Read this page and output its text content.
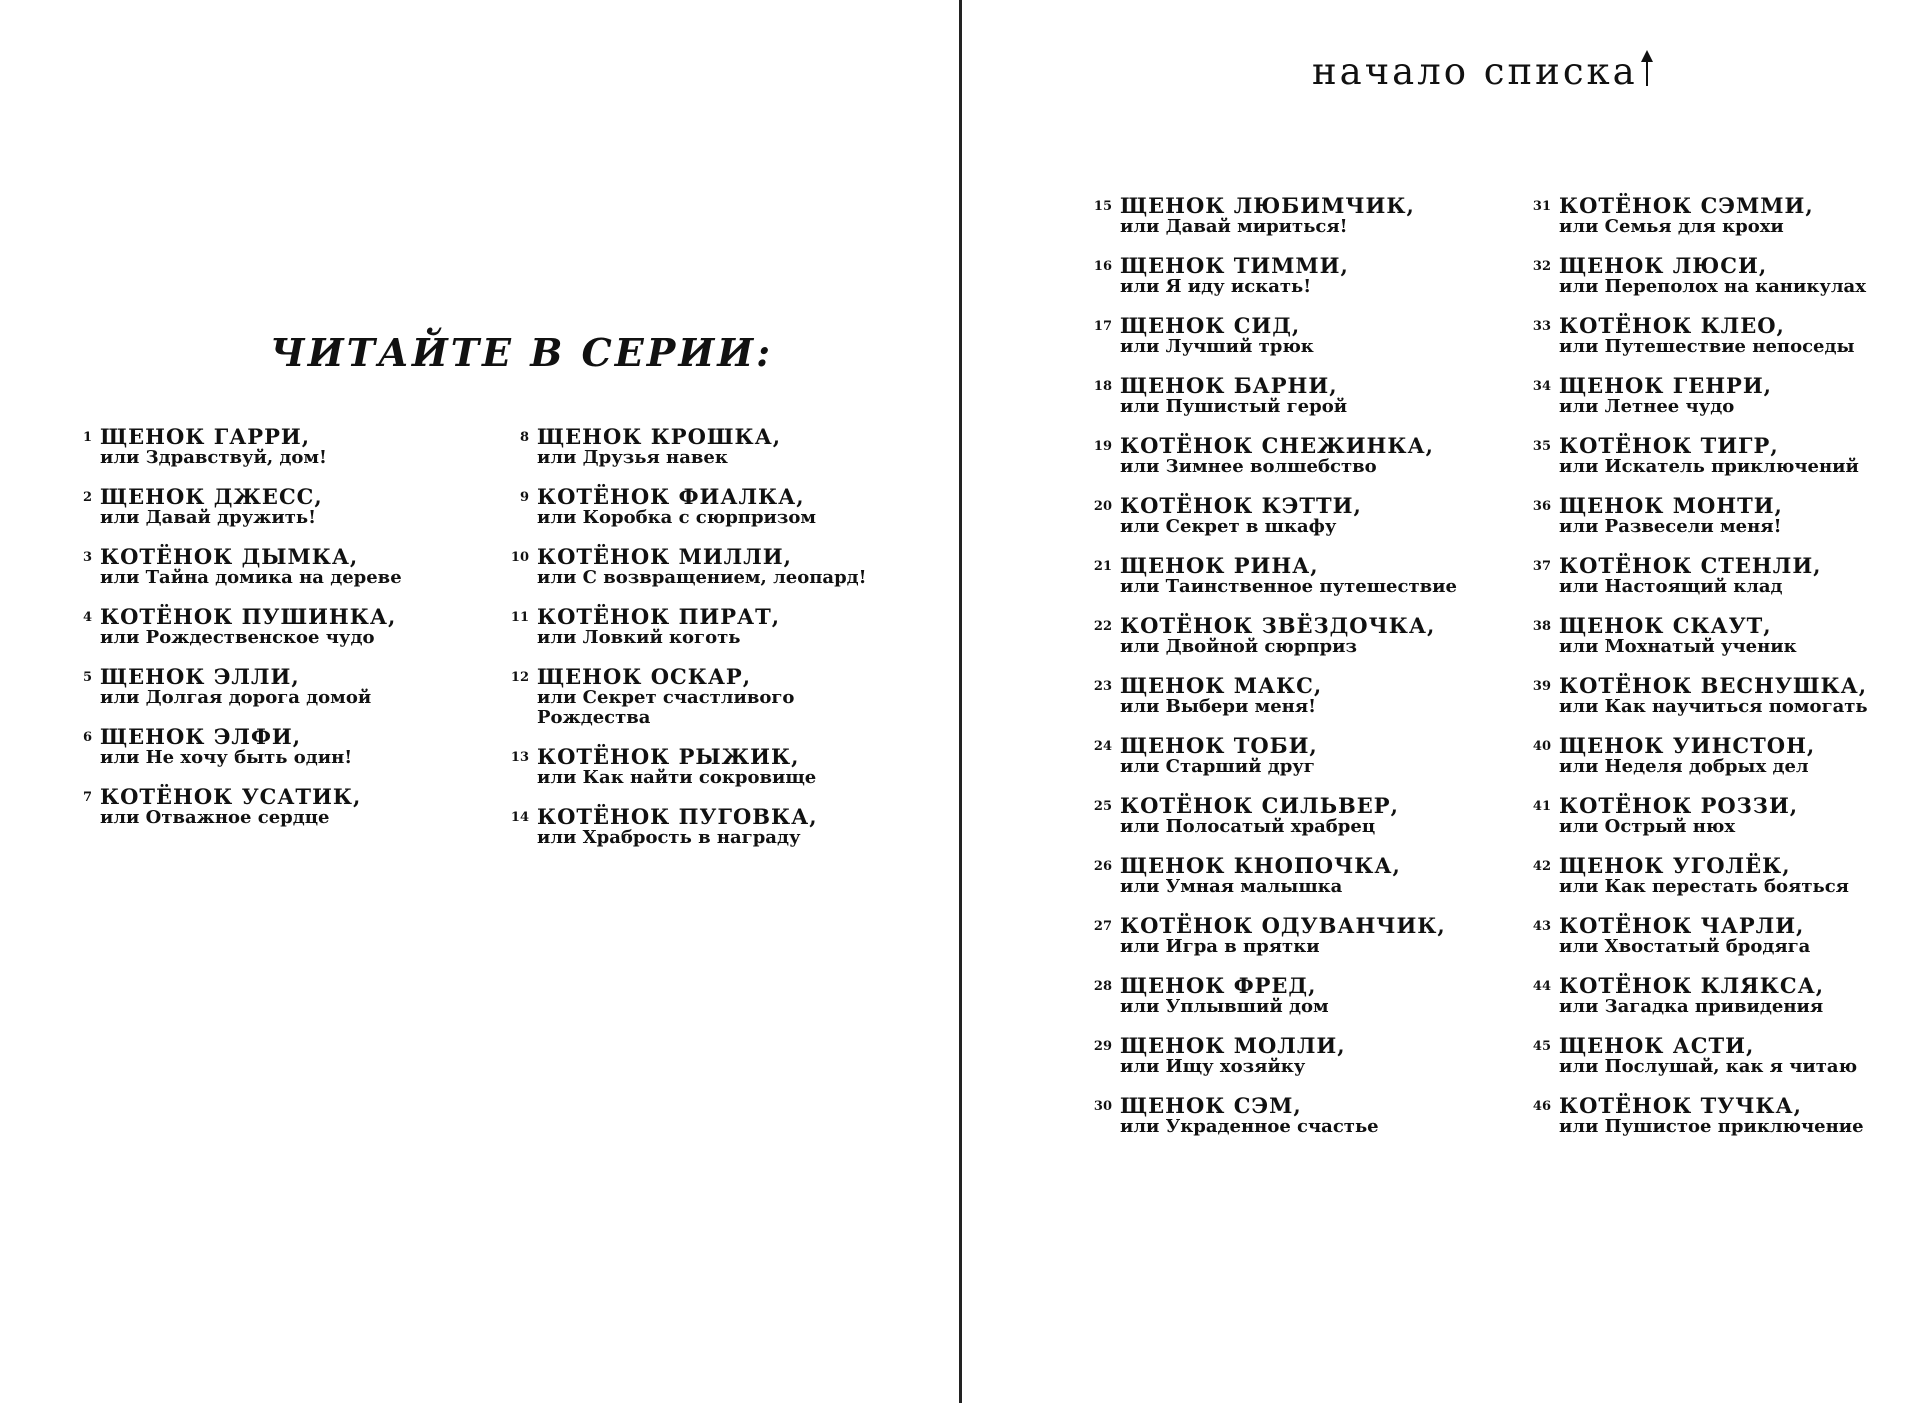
ЧИТАЙТЕ В СЕРИИ:
начало списка
1 ЩЕНОК ГАРРИ,
или Здравствуй, дом!
2 ЩЕНОК ДЖЕСС,
или Давай дружить!
3 КОТЁНОК ДЫМКА,
или Тайна домика на дереве
4 КОТЁНОК ПУШИНКА,
или Рождественское чудо
5 ЩЕНОК ЭЛЛИ,
или Долгая дорога домой
6 ЩЕНОК ЭЛФИ,
или Не хочу быть один!
7 КОТЁНОК УСАТИК,
или Отважное сердце
8 ЩЕНОК КРОШКА,
или Друзья навек
9 КОТЁНОК ФИАЛКА,
или Коробка с сюрпризом
10 КОТЁНОК МИЛЛИ,
или С возвращением, леопард!
11 КОТЁНОК ПИРАТ,
или Ловкий коготь
12 ЩЕНОК ОСКАР,
или Секрет счастливого
Рождества
13 КОТЁНОК РЫЖИК,
или Как найти сокровище
14 КОТЁНОК ПУГОВКА,
или Храбрость в награду
15 ЩЕНОК ЛЮБИМЧИК,
или Давай мириться!
16 ЩЕНОК ТИММИ,
или Я иду искать!
17 ЩЕНОК СИД,
или Лучший трюк
18 ЩЕНОК БАРНИ,
или Пушистый герой
19 КОТЁНОК СНЕЖИНКА,
или Зимнее волшебство
20 КОТЁНОК КЭТТИ,
или Секрет в шкафу
21 ЩЕНОК РИНА,
или Таинственное путешествие
22 КОТЁНОК ЗВЁЗДОЧКА,
или Двойной сюрприз
23 ЩЕНОК МАКС,
или Выбери меня!
24 ЩЕНОК ТОБИ,
или Старший друг
25 КОТЁНОК СИЛЬВЕР,
или Полосатый храбрец
26 ЩЕНОК КНОПОЧКА,
или Умная малышка
27 КОТЁНОК ОДУВАНЧИК,
или Игра в прятки
28 ЩЕНОК ФРЕД,
или Уплывший дом
29 ЩЕНОК МОЛЛИ,
или Ищу хозяйку
30 ЩЕНОК СЭМ,
или Украденное счастье
31 КОТЁНОК СЭММИ,
или Семья для крохи
32 ЩЕНОК ЛЮСИ,
или Переполох на каникулах
33 КОТЁНОК КЛЕО,
или Путешествие непоседы
34 ЩЕНОК ГЕНРИ,
или Летнее чудо
35 КОТЁНОК ТИГР,
или Искатель приключений
36 ЩЕНОК МОНТИ,
или Развесели меня!
37 КОТЁНОК СТЕНЛИ,
или Настоящий клад
38 ЩЕНОК СКАУТ,
или Мохнатый ученик
39 КОТЁНОК ВЕСНУШКА,
или Как научиться помогать
40 ЩЕНОК УИНСТОН,
или Неделя добрых дел
41 КОТЁНОК РОЗЗИ,
или Острый нюх
42 ЩЕНОК УГОЛЁК,
или Как перестать бояться
43 КОТЁНОК ЧАРЛИ,
или Хвостатый бродяга
44 КОТЁНОК КЛЯКСА,
или Загадка привидения
45 ЩЕНОК АСТИ,
или Послушай, как я читаю
46 КОТЁНОК ТУЧКА,
или Пушистое приключение
